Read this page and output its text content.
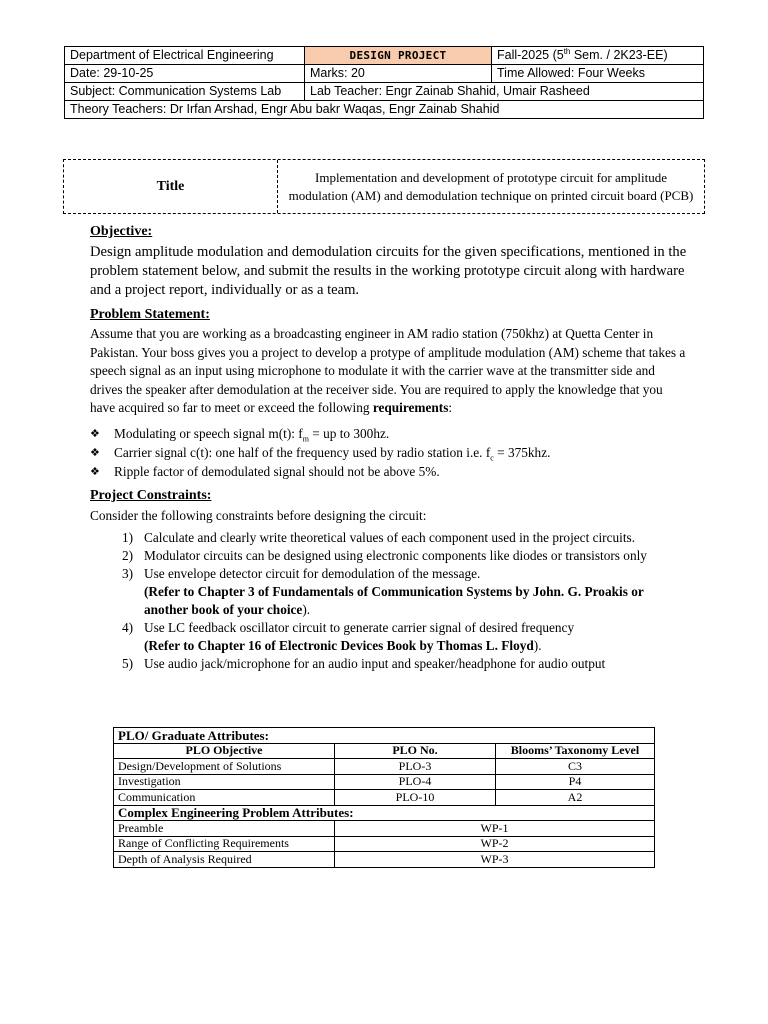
Department of Electrical Engineering	DESIGN PROJECT	Fall-2025 (5th Sem. / 2K23-EE)
Date: 29-10-25	Marks: 20	Time Allowed: Four Weeks
Subject: Communication Systems Lab	Lab Teacher: Engr Zainab Shahid, Umair Rasheed	
Theory Teachers: Dr Irfan Arshad, Engr Abu bakr Waqas, Engr Zainab Shahid		
Title
Implementation and development of prototype circuit for amplitude modulation (AM) and demodulation technique on printed circuit board (PCB)

Objective:

Design amplitude modulation and demodulation circuits for the given specifications, mentioned in the problem statement below, and submit the results in the working prototype circuit along with hardware and a project report, individually or as a team.

Problem Statement:

Assume that you are working as a broadcasting engineer in AM radio station (750khz) at Quetta Center in Pakistan. Your boss gives you a project to develop a protype of amplitude modulation (AM) scheme that takes a speech signal as an input using microphone to modulate it with the carrier wave at the transmitter side and drives the speaker after demodulation at the receiver side. You are required to apply the knowledge that you have acquired so far to meet or exceed the following requirements:

❖	Modulating or speech signal m(t): $f_m$ = up to 300hz.
❖	Carrier signal c(t): one half of the frequency used by radio station i.e. $f_c = 375khz$.
❖	Ripple factor of demodulated signal should not be above 5%.

Project Constraints:

Consider the following constraints before designing the circuit:

1) Calculate and clearly write theoretical values of each component used in the project circuits.
2) Modulator circuits can be designed using electronic components like diodes or transistors only
3) Use envelope detector circuit for demodulation of the message.
(Refer to Chapter 3 of Fundamentals of Communication Systems by John. G. Proakis or another book of your choice).
4) Use LC feedback oscillator circuit to generate carrier signal of desired frequency
(Refer to Chapter 16 of Electronic Devices Book by Thomas L. Floyd).
5) Use audio jack/microphone for an audio input and speaker/headphone for audio output
PLO/ Graduate Attributes:		
PLO Objective	PLO No.	Blooms’ Taxonomy Level
Design/Development of Solutions	PLO-3	C3
Investigation	PLO-4	P4
Communication	PLO-10	A2
Complex Engineering Problem Attributes:		
Preamble	WP-1	
Range of Conflicting Requirements	WP-2	
Depth of Analysis Required	WP-3	
